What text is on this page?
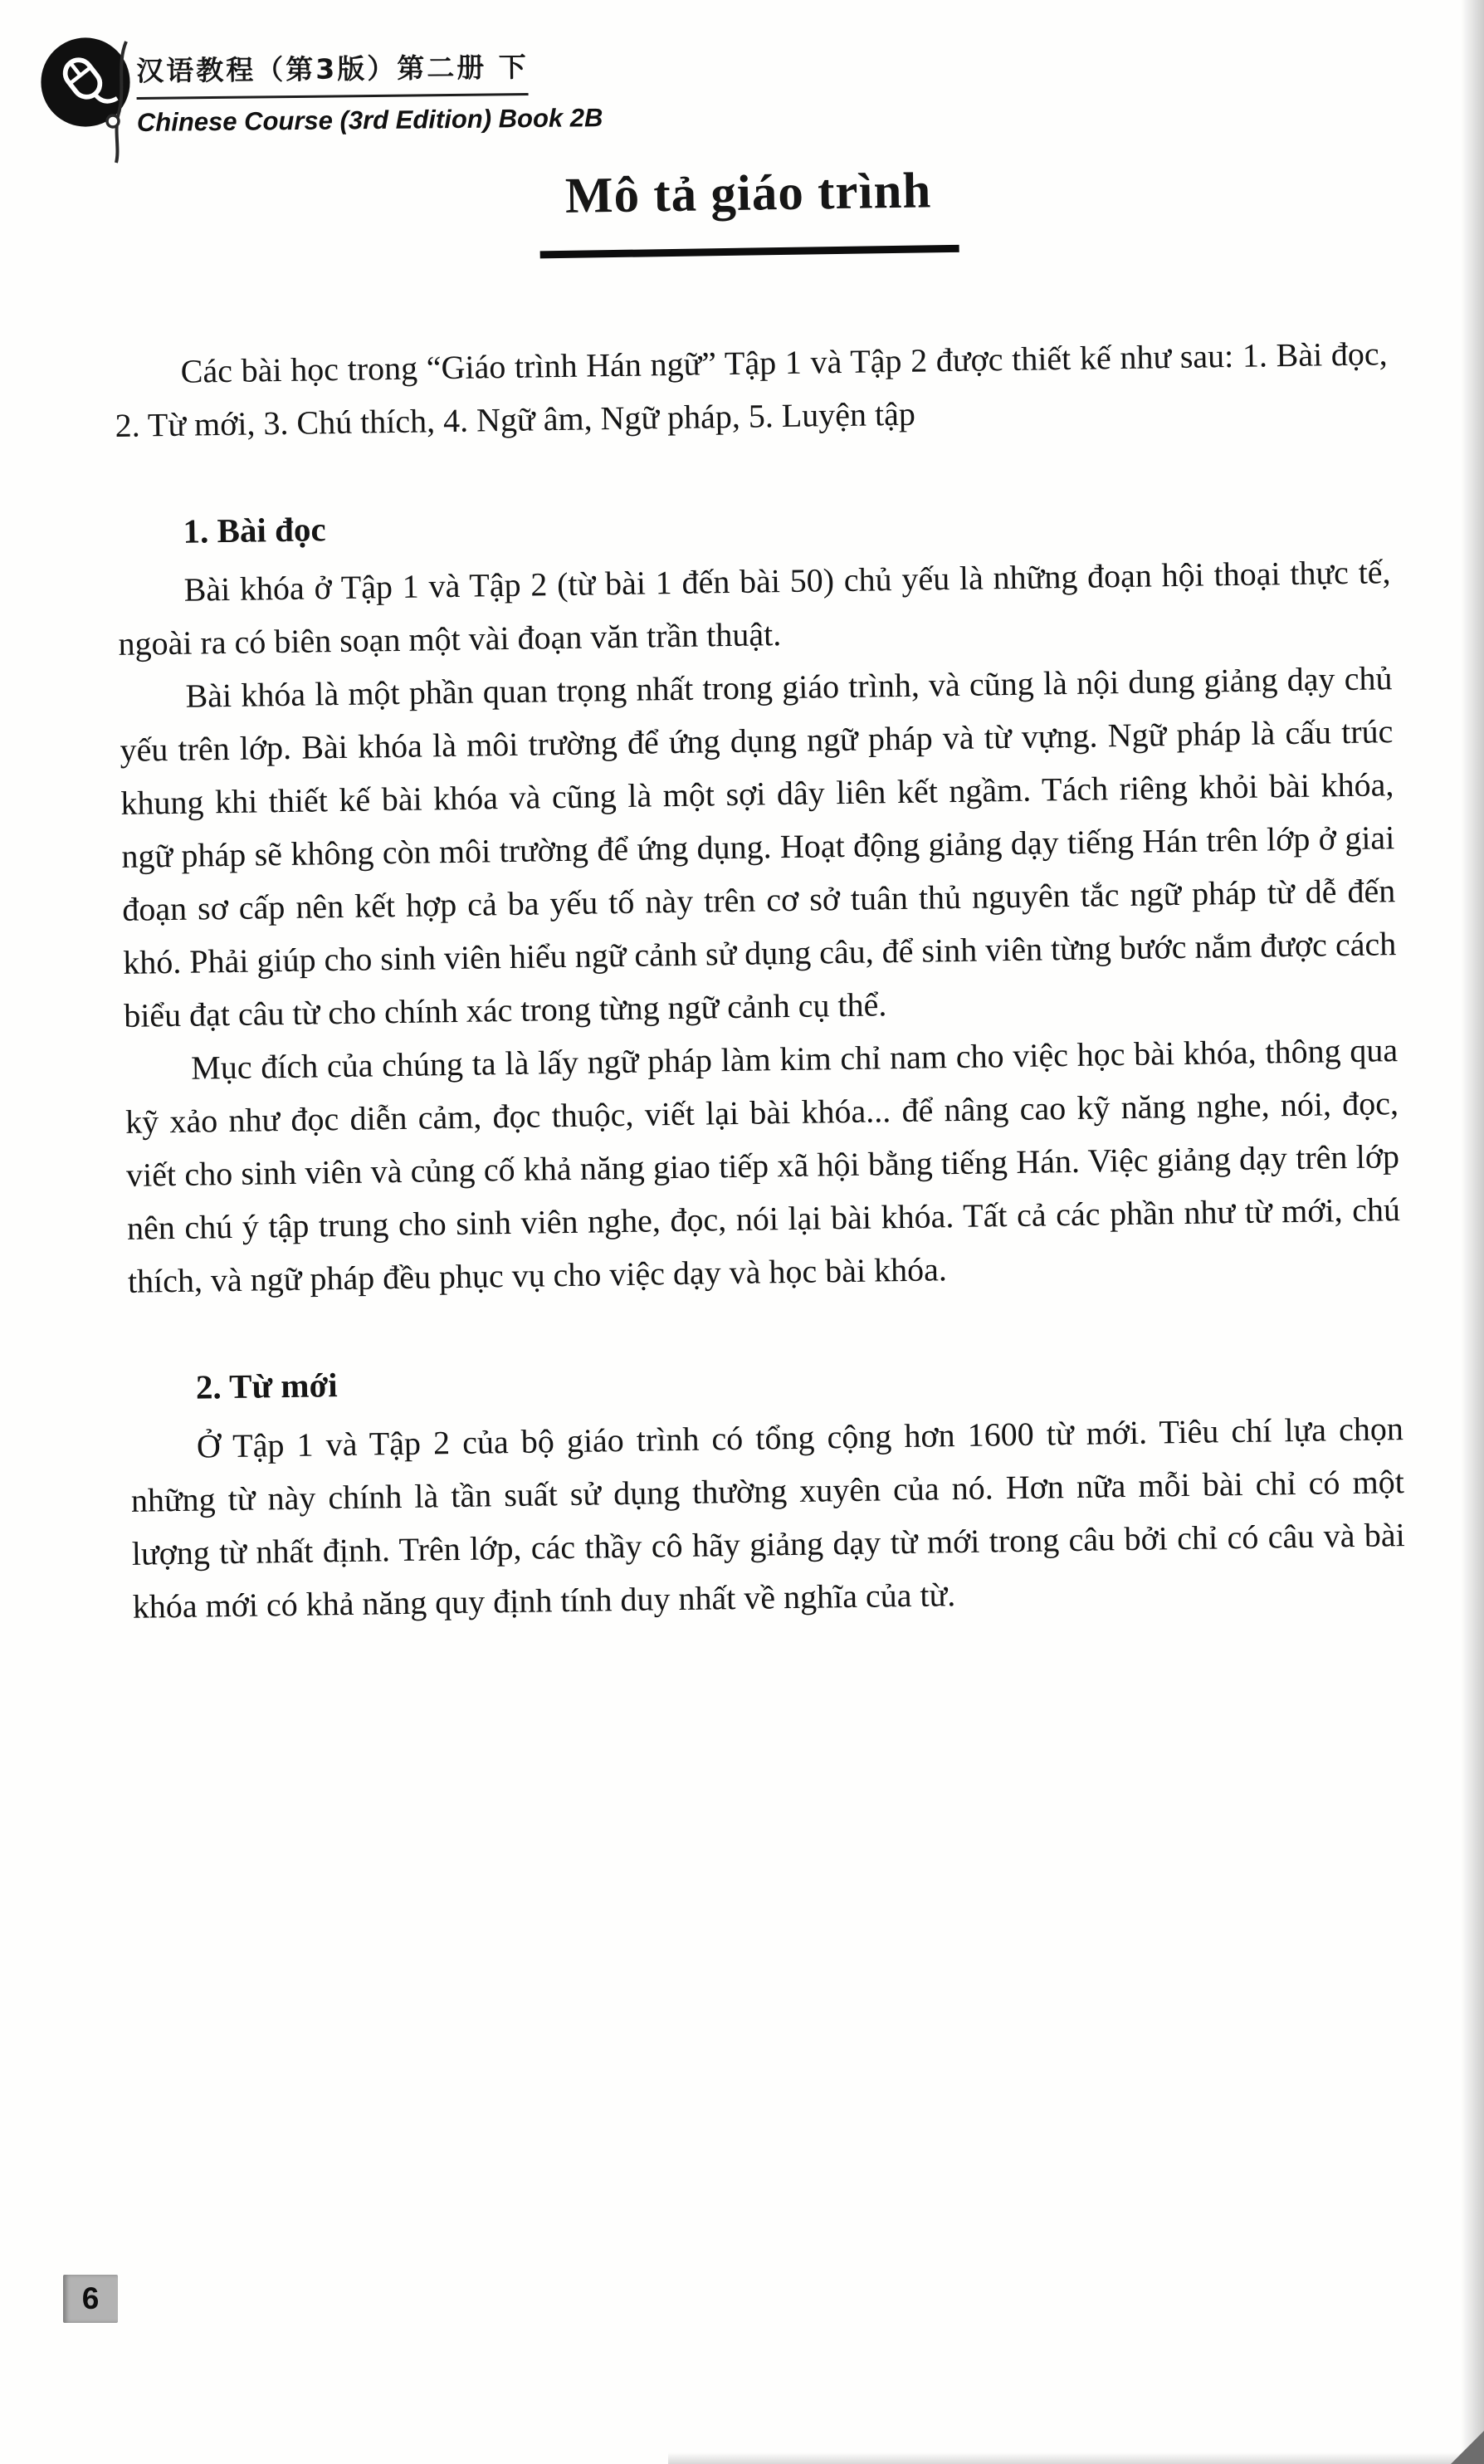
汉语教程（第3版）第二册 下
Chinese Course (3rd Edition) Book 2B
Mô tả giáo trình

Các bài học trong “Giáo trình Hán ngữ” Tập 1 và Tập 2 được thiết kế như sau: 1. Bài đọc, 2. Từ mới, 3. Chú thích, 4. Ngữ âm, Ngữ pháp, 5. Luyện tập

1. Bài đọc

Bài khóa ở Tập 1 và Tập 2 (từ bài 1 đến bài 50) chủ yếu là những đoạn hội thoại thực tế, ngoài ra có biên soạn một vài đoạn văn trần thuật.

Bài khóa là một phần quan trọng nhất trong giáo trình, và cũng là nội dung giảng dạy chủ yếu trên lớp. Bài khóa là môi trường để ứng dụng ngữ pháp và từ vựng. Ngữ pháp là cấu trúc khung khi thiết kế bài khóa và cũng là một sợi dây liên kết ngầm. Tách riêng khỏi bài khóa, ngữ pháp sẽ không còn môi trường để ứng dụng. Hoạt động giảng dạy tiếng Hán trên lớp ở giai đoạn sơ cấp nên kết hợp cả ba yếu tố này trên cơ sở tuân thủ nguyên tắc ngữ pháp từ dễ đến khó. Phải giúp cho sinh viên hiểu ngữ cảnh sử dụng câu, để sinh viên từng bước nắm được cách biểu đạt câu từ cho chính xác trong từng ngữ cảnh cụ thể.

Mục đích của chúng ta là lấy ngữ pháp làm kim chỉ nam cho việc học bài khóa, thông qua kỹ xảo như đọc diễn cảm, đọc thuộc, viết lại bài khóa... để nâng cao kỹ năng nghe, nói, đọc, viết cho sinh viên và củng cố khả năng giao tiếp xã hội bằng tiếng Hán. Việc giảng dạy trên lớp nên chú ý tập trung cho sinh viên nghe, đọc, nói lại bài khóa. Tất cả các phần như từ mới, chú thích, và ngữ pháp đều phục vụ cho việc dạy và học bài khóa.

2. Từ mới

Ở Tập 1 và Tập 2 của bộ giáo trình có tổng cộng hơn 1600 từ mới. Tiêu chí lựa chọn những từ này chính là tần suất sử dụng thường xuyên của nó. Hơn nữa mỗi bài chỉ có một lượng từ nhất định. Trên lớp, các thầy cô hãy giảng dạy từ mới trong câu bởi chỉ có câu và bài khóa mới có khả năng quy định tính duy nhất về nghĩa của từ.

6
